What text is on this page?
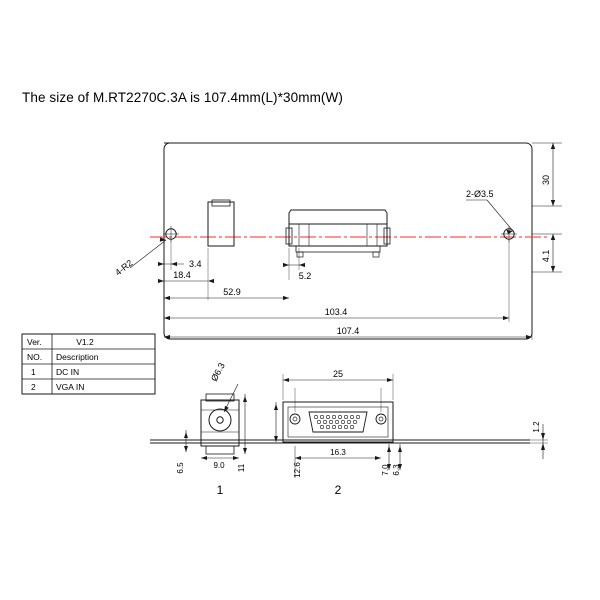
The size of M.RT2270C.3A is 107.4mm(L)*30mm(W)
30
4.1
2-Ø3.5
4-R2	3.4
18.4	5.2
52.9
103.4
107.4
Ver.	V1.2
NO. Description
1 DC IN
2 VGA IN
Ø6.3
6.5	9.0 11
1
25
16.3
12.6	7.0 6.3
1.2
2
